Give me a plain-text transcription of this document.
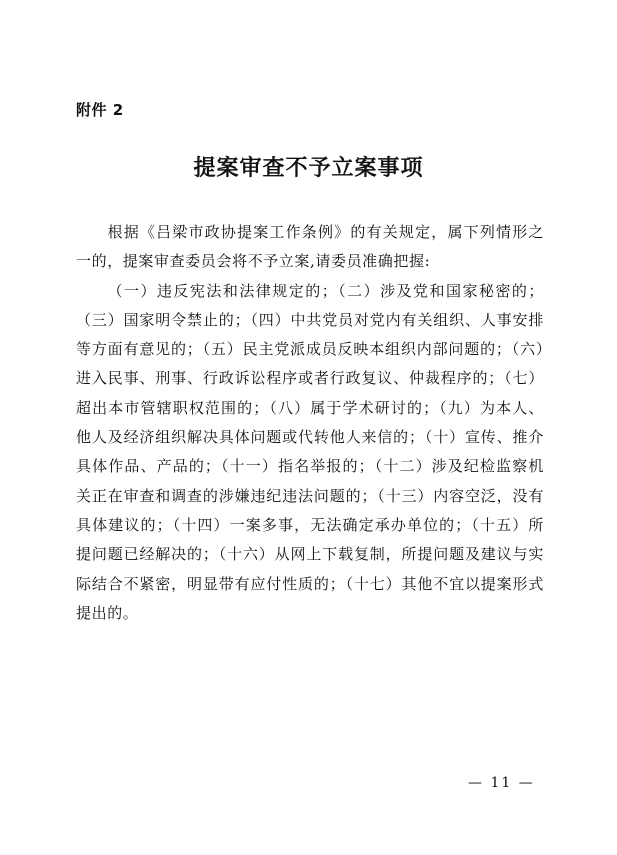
附件 2
提案审查不予立案事项

根据《吕梁市政协提案工作条例》的有关规定，属下列情形之一的，提案审查委员会将不予立案,请委员准确把握:

（一）违反宪法和法律规定的；（二）涉及党和国家秘密的；（三）国家明令禁止的；（四）中共党员对党内有关组织、人事安排等方面有意见的；（五）民主党派成员反映本组织内部问题的；（六）进入民事、刑事、行政诉讼程序或者行政复议、仲裁程序的；（七）超出本市管辖职权范围的；（八）属于学术研讨的；（九）为本人、他人及经济组织解决具体问题或代转他人来信的；（十）宣传、推介具体作品、产品的；（十一）指名举报的；（十二）涉及纪检监察机关正在审查和调查的涉嫌违纪违法问题的；（十三）内容空泛，没有具体建议的；（十四）一案多事，无法确定承办单位的；（十五）所提问题已经解决的；（十六）从网上下载复制，所提问题及建议与实际结合不紧密，明显带有应付性质的；（十七）其他不宜以提案形式提出的。

— 11 —
